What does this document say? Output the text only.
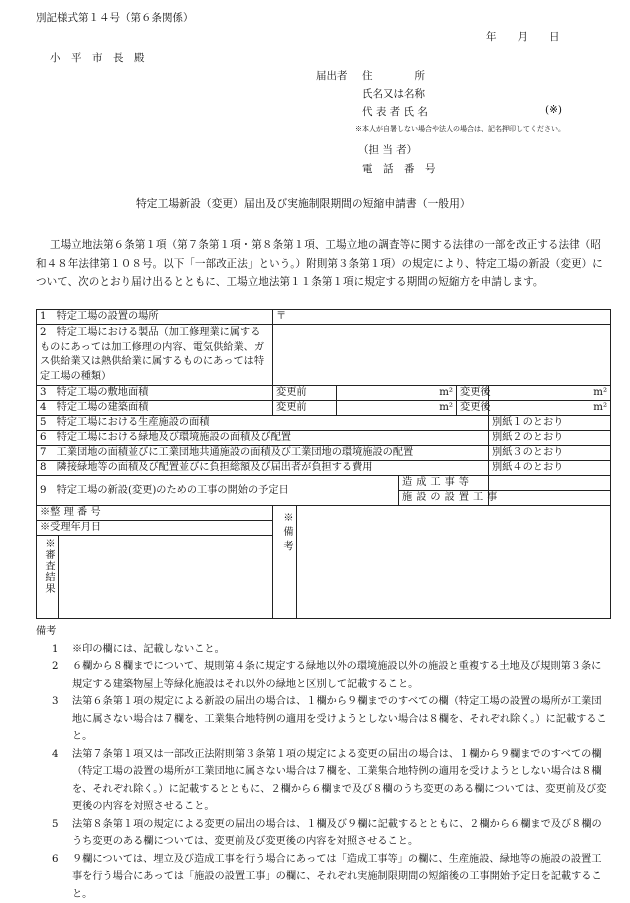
別記様式第１４号（第６条関係）
年　　月　　日
小　平　市　長　殿
届出者 住　　　　所
氏名又は名称
代 表 者 氏 名	(※)
※本人が自署しない場合や法人の場合は、記名押印してください。
（担 当 者）
電　話　番　号
特定工場新設（変更）届出及び実施制限期間の短縮申請書（一般用）

工場立地法第６条第１項（第７条第１項・第８条第１項、工場立地の調査等に関する法律の一部を改正する法律（昭和４８年法律第１０８号。以下「一部改正法」という。）附則第３条第１項）の規定により、特定工場の新設（変更）について、次のとおり届け出るとともに、工場立地法第１１条第１項に規定する期間の短縮方を申請します。

1　特定工場の設置の場所		〒					
2　特定工場における製品（加工修理業に属するものにあっては加工修理の内容、電気供給業、ガス供給業又は熱供給業に属するものにあっては特定工場の種類）							
3　特定工場の敷地面積		変更前		m²		変更後	m²
4　特定工場の建築面積		変更前		m²		変更後	m²
5　特定工場における生産施設の面積							別紙１のとおり
6　特定工場における緑地及び環境施設の面積及び配置							別紙２のとおり
7　工業団地の面積並びに工業団地共通施設の面積及び工業団地の環境施設の配置							別紙３のとおり
8　隣接緑地等の面積及び配置並びに負担総額及び届出者が負担する費用							別紙４のとおり
9　特定工場の新設(変更)のための工事の開始の予定日					造成工事等		
					施設の設置工事		
※整 理 番 号		※備考					
※受理年月日							
※審査結果							

備考

1 ※印の欄には、記載しないこと。

2 ６欄から８欄までについて、規則第４条に規定する緑地以外の環境施設以外の施設と重複する土地及び規則第３条に規定する建築物屋上等緑化施設はそれ以外の緑地と区別して記載すること。

3 法第６条第１項の規定による新設の届出の場合は、１欄から９欄までのすべての欄（特定工場の設置の場所が工業団地に属さない場合は７欄を、工業集合地特例の適用を受けようとしない場合は８欄を、それぞれ除く。）に記載すること。

4 法第７条第１項又は一部改正法附則第３条第１項の規定による変更の届出の場合は、１欄から９欄までのすべての欄（特定工場の設置の場所が工業団地に属さない場合は７欄を、工業集合地特例の適用を受けようとしない場合は８欄を、それぞれ除く。）に記載するとともに、２欄から６欄まで及び８欄のうち変更のある欄については、変更前及び変更後の内容を対照させること。

5 法第８条第１項の規定による変更の届出の場合は、１欄及び９欄に記載するとともに、２欄から６欄まで及び８欄のうち変更のある欄については、変更前及び変更後の内容を対照させること。

6 ９欄については、埋立及び造成工事を行う場合にあっては「造成工事等」の欄に、生産施設、緑地等の施設の設置工事を行う場合にあっては「施設の設置工事」の欄に、それぞれ実施制限期間の短縮後の工事開始予定日を記載すること。
